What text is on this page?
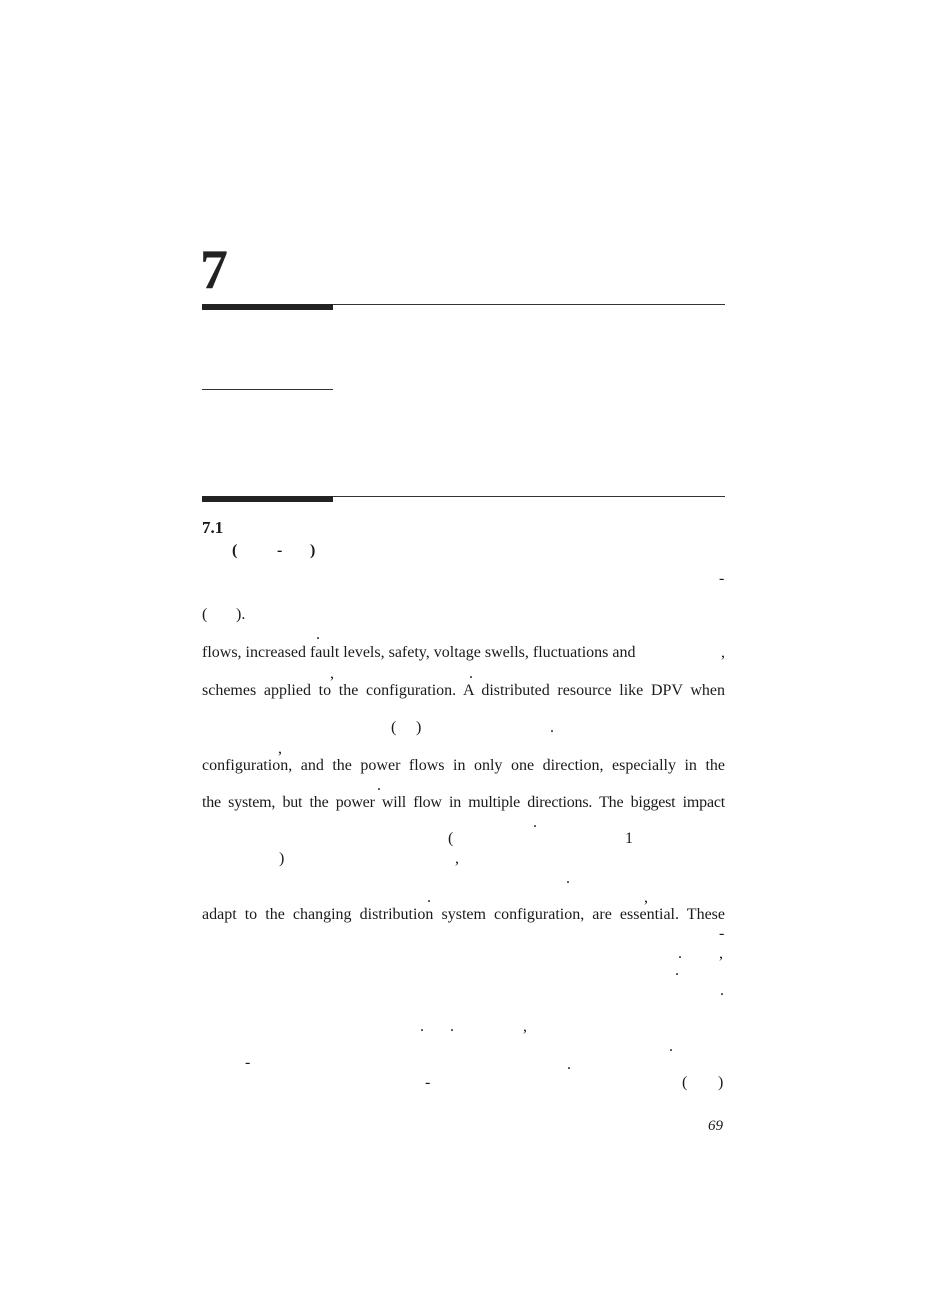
7
7.1
( - )
-
( ).
.
flows, increased fault levels, safety, voltage swells, fluctuations and	,
,	.
schemes applied to the configuration. A distributed resource like DPV when
( )	.
,
configuration, and the power flows in only one direction, especially in the
.
the system, but the power will flow in multiple directions. The biggest impact
.
(	1
)	,
.
.	,
adapt to the changing distribution system configuration, are essential. These
-
. ,
.
.
. .	,
.
-	.
-	( )
69
